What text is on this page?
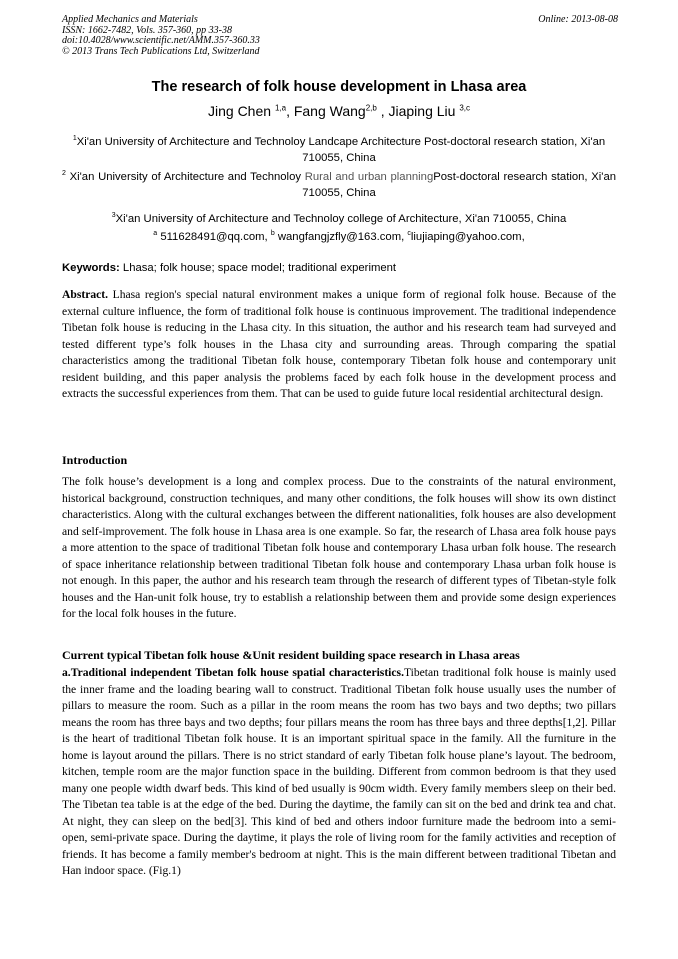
Applied Mechanics and Materials
ISSN: 1662-7482, Vols. 357-360, pp 33-38
doi:10.4028/www.scientific.net/AMM.357-360.33
© 2013 Trans Tech Publications Ltd, Switzerland
Online: 2013-08-08
The research of folk house development in Lhasa area
Jing Chen $^{1,a}$, Fang Wang$^{2,b}$ , Jiaping Liu $^{3,c}$
$^1$Xi'an University of Architecture and Technoloy Landcape Architecture Post-doctoral research station, Xi'an 710055, China
$^2$ Xi'an University of Architecture and Technoloy Rural and urban planningPost-doctoral research station, Xi'an 710055, China
$^3$Xi'an University of Architecture and Technoloy college of Architecture, Xi'an 710055, China
$^a$ 511628491@qq.com, $^b$ wangfangjzfly@163.com, $^c$liujiaping@yahoo.com,
Keywords: Lhasa; folk house; space model; traditional experiment
Abstract. Lhasa region's special natural environment makes a unique form of regional folk house. Because of the external culture influence, the form of traditional folk house is continuous improvement. The traditional independence Tibetan folk house is reducing in the Lhasa city. In this situation, the author and his research team had surveyed and tested different type’s folk houses in the Lhasa city and surrounding areas. Through comparing the spatial characteristics among the traditional Tibetan folk house, contemporary Tibetan folk house and contemporary unit resident building, and this paper analysis the problems faced by each folk house in the development process and extracts the successful experiences from them. That can be used to guide future local residential architectural design.
Introduction
The folk house’s development is a long and complex process. Due to the constraints of the natural environment, historical background, construction techniques, and many other conditions, the folk houses will show its own distinct characteristics. Along with the cultural exchanges between the different nationalities, folk houses are also development and self-improvement. The folk house in Lhasa area is one example. So far, the research of Lhasa area folk house pays a more attention to the space of traditional Tibetan folk house and contemporary Lhasa urban folk house. The research of space inheritance relationship between traditional Tibetan folk house and contemporary Lhasa urban folk house is not enough. In this paper, the author and his research team through the research of different types of Tibetan-style folk houses and the Han-unit folk house, try to establish a relationship between them and provide some design experiences for the local folk houses in the future.
Current typical Tibetan folk house &Unit resident building space research in Lhasa areas
a.Traditional independent Tibetan folk house spatial characteristics.Tibetan traditional folk house is mainly used the inner frame and the loading bearing wall to construct. Traditional Tibetan folk house usually uses the number of pillars to measure the room. Such as a pillar in the room means the room has two bays and two depths; two pillars means the room has three bays and two depths; four pillars means the room has three bays and three depths[1,2]. Pillar is the heart of traditional Tibetan folk house. It is an important spiritual space in the family. All the furniture in the home is layout around the pillars. There is no strict standard of early Tibetan folk house plane’s layout. The bedroom, kitchen, temple room are the major function space in the building. Different from common bedroom is that they used many one people width dwarf beds. This kind of bed usually is 90cm width. Every family members sleep on their bed. The Tibetan tea table is at the edge of the bed. During the daytime, the family can sit on the bed and drink tea and chat. At night, they can sleep on the bed[3]. This kind of bed and others indoor furniture made the bedroom into a semi-open, semi-private space. During the daytime, it plays the role of living room for the family activities and reception of friends. It has become a family member's bedroom at night. This is the main different between traditional Tibetan and Han indoor space. (Fig.1)
